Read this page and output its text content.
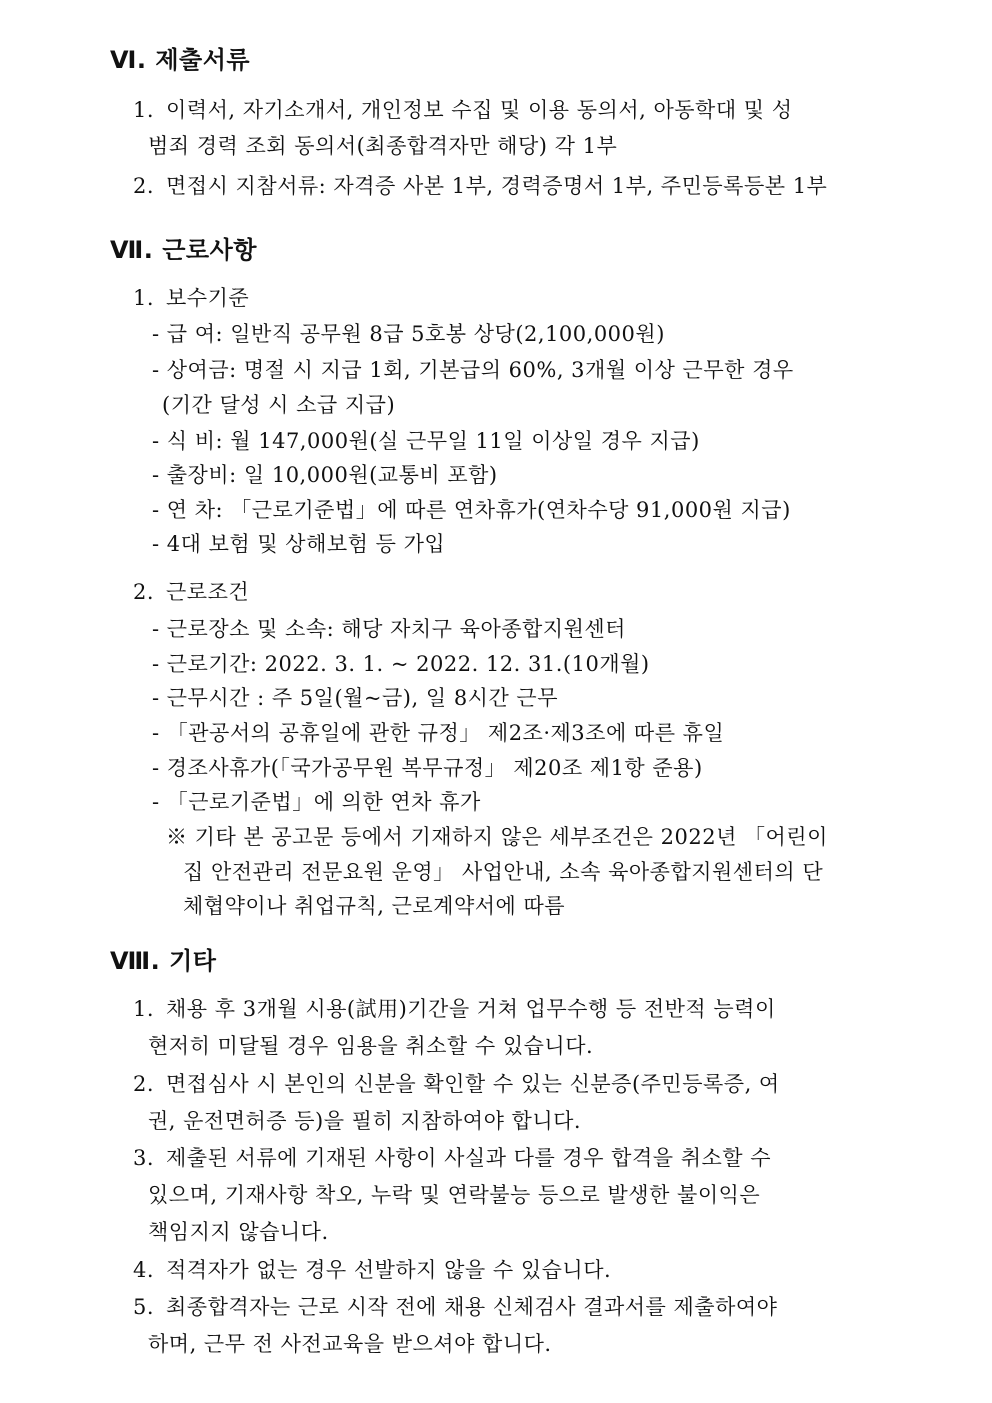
Ⅵ. 제출서류
1. 이력서, 자기소개서, 개인정보 수집 및 이용 동의서, 아동학대 및 성
범죄 경력 조회 동의서(최종합격자만 해당) 각 1부
2. 면접시 지참서류: 자격증 사본 1부, 경력증명서 1부, 주민등록등본 1부
Ⅶ. 근로사항
1. 보수기준
- 급 여: 일반직 공무원 8급 5호봉 상당(2,100,000원)
- 상여금: 명절 시 지급 1회, 기본급의 60%, 3개월 이상 근무한 경우
(기간 달성 시 소급 지급)
- 식 비: 월 147,000원(실 근무일 11일 이상일 경우 지급)
- 출장비: 일 10,000원(교통비 포함)
- 연 차: 「근로기준법」에 따른 연차휴가(연차수당 91,000원 지급)
- 4대 보험 및 상해보험 등 가입
2. 근로조건
- 근로장소 및 소속: 해당 자치구 육아종합지원센터
- 근로기간: 2022. 3. 1. ~ 2022. 12. 31.(10개월)
- 근무시간 : 주 5일(월~금), 일 8시간 근무
- 「관공서의 공휴일에 관한 규정」 제2조·제3조에 따른 휴일
- 경조사휴가(「국가공무원 복무규정」 제20조 제1항 준용)
- 「근로기준법」에 의한 연차 휴가
※ 기타 본 공고문 등에서 기재하지 않은 세부조건은 2022년 「어린이
집 안전관리 전문요원 운영」 사업안내, 소속 육아종합지원센터의 단
체협약이나 취업규칙, 근로계약서에 따름
Ⅷ. 기타
1. 채용 후 3개월 시용(試用)기간을 거쳐 업무수행 등 전반적 능력이
현저히 미달될 경우 임용을 취소할 수 있습니다.
2. 면접심사 시 본인의 신분을 확인할 수 있는 신분증(주민등록증, 여
권, 운전면허증 등)을 필히 지참하여야 합니다.
3. 제출된 서류에 기재된 사항이 사실과 다를 경우 합격을 취소할 수
있으며, 기재사항 착오, 누락 및 연락불능 등으로 발생한 불이익은
책임지지 않습니다.
4. 적격자가 없는 경우 선발하지 않을 수 있습니다.
5. 최종합격자는 근로 시작 전에 채용 신체검사 결과서를 제출하여야
하며, 근무 전 사전교육을 받으셔야 합니다.
